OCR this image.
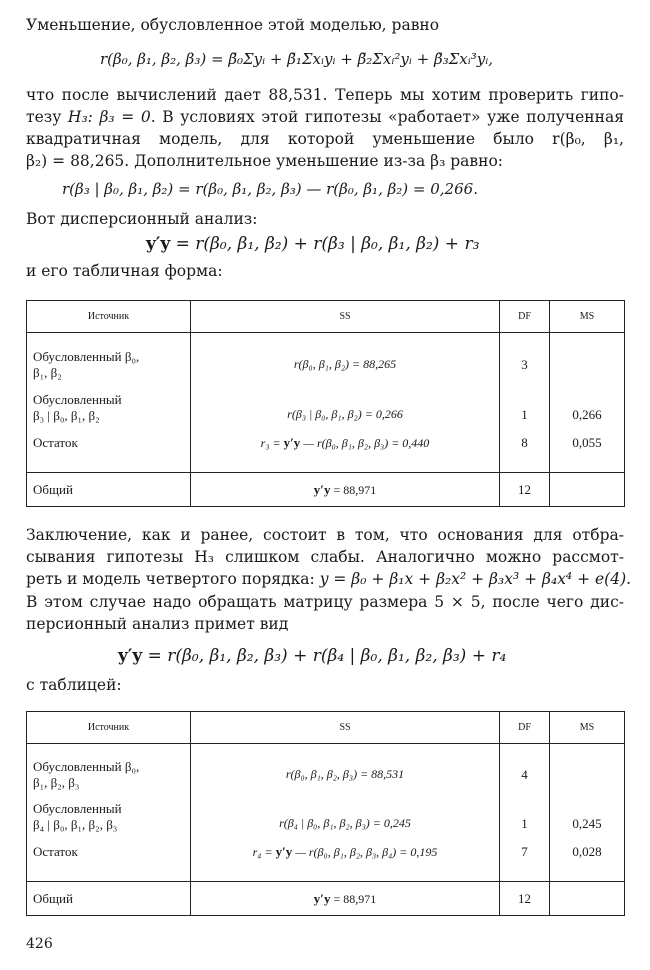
Уменьшение, обусловленное этой моделью, равно
r(β₀, β₁, β₂, β₃) = β̃₀Σyᵢ + β̃₁Σxᵢyᵢ + β̃₂Σxᵢ²yᵢ + β̃₃Σxᵢ³yᵢ,
что после вычислений дает 88,531. Теперь мы хотим проверить гипо-
тезу H₃: β₃ = 0. В условиях этой гипотезы «работает» уже полученная
квадратичная модель, для которой уменьшение было r(β₀, β₁,
β₂) = 88,265. Дополнительное уменьшение из-за β₃ равно:
r(β₃ | β₀, β₁, β₂) = r(β₀, β₁, β₂, β₃) — r(β₀, β₁, β₂) = 0,266.
Вот дисперсионный анализ:
y′y = r(β₀, β₁, β₂) + r(β₃ | β₀, β₁, β₂) + r₃
и его табличная форма:
Источник	SS	DF	MS

Обусловленный β₀,
β₁, β₂	r(β₀, β₁, β₂) = 88,265	3	

Обусловленный
β₃ | β₀, β₁, β₂	r(β₃ | β₀, β₁, β₂) = 0,266	1	0,266

Остаток	r₃ = y′y — r(β₀, β₁, β₂, β₃) = 0,440	8	0,055
Общий	y′y = 88,971	12	
Заключение, как и ранее, состоит в том, что основания для отбра-
сывания гипотезы H₃ слишком слабы. Аналогично можно рассмот-
реть и модель четвертого порядка: y = β₀ + β₁x + β₂x² + β₃x³ + β₄x⁴ + e(4).
В этом случае надо обращать матрицу размера 5 × 5, после чего дис-
персионный анализ примет вид
y′y = r(β₀, β₁, β₂, β₃) + r(β₄ | β₀, β₁, β₂, β₃) + r₄
с таблицей:
Источник	SS	DF	MS

Обусловленный β₀,
β₁, β₂, β₃	r(β₀, β₁, β₂, β₃) = 88,531	4	

Обусловленный
β₄ | β₀, β₁, β₂, β₃	r(β₄ | β₀, β₁, β₂, β₃) = 0,245	1	0,245

Остаток	r₄ = y′y — r(β₀, β₁, β₂, β₃, β₄) = 0,195	7	0,028
Общий	y′y = 88,971	12	
426
